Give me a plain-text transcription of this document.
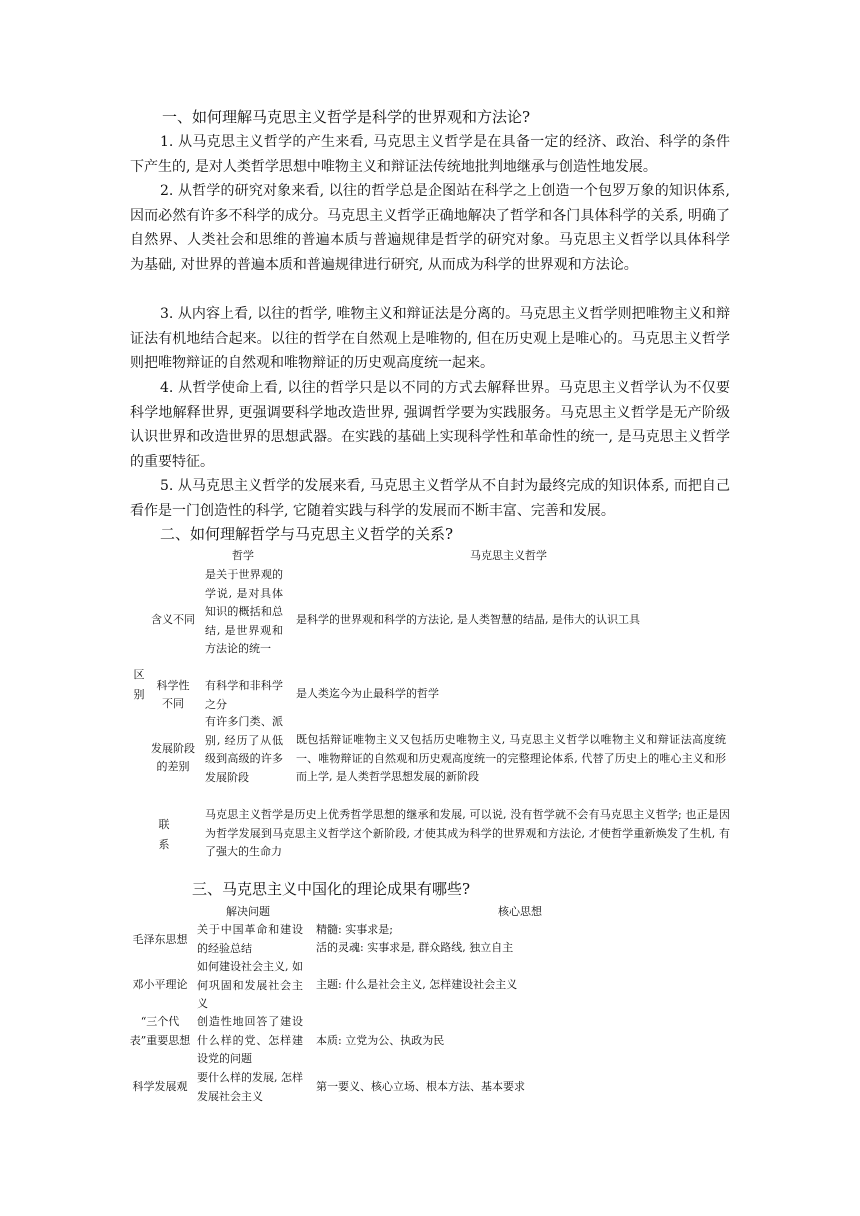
一、如何理解马克思主义哲学是科学的世界观和方法论?

1. 从马克思主义哲学的产生来看, 马克思主义哲学是在具备一定的经济、政治、科学的条件下产生的, 是对人类哲学思想中唯物主义和辩证法传统地批判地继承与创造性地发展。

2. 从哲学的研究对象来看, 以往的哲学总是企图站在科学之上创造一个包罗万象的知识体系, 因而必然有许多不科学的成分。马克思主义哲学正确地解决了哲学和各门具体科学的关系, 明确了自然界、人类社会和思维的普遍本质与普遍规律是哲学的研究对象。马克思主义哲学以具体科学为基础, 对世界的普遍本质和普遍规律进行研究, 从而成为科学的世界观和方法论。

3. 从内容上看, 以往的哲学, 唯物主义和辩证法是分离的。马克思主义哲学则把唯物主义和辩证法有机地结合起来。以往的哲学在自然观上是唯物的, 但在历史观上是唯心的。马克思主义哲学则把唯物辩证的自然观和唯物辩证的历史观高度统一起来。

4. 从哲学使命上看, 以往的哲学只是以不同的方式去解释世界。马克思主义哲学认为不仅要科学地解释世界, 更强调要科学地改造世界, 强调哲学要为实践服务。马克思主义哲学是无产阶级认识世界和改造世界的思想武器。在实践的基础上实现科学性和革命性的统一, 是马克思主义哲学的重要特征。

5. 从马克思主义哲学的发展来看, 马克思主义哲学从不自封为最终完成的知识体系, 而把自己看作是一门创造性的科学, 它随着实践与科学的发展而不断丰富、完善和发展。

二、如何理解哲学与马克思主义哲学的关系?
哲学	马克思主义哲学
区别
含义不同
是关于世界观的学说, 是对具体知识的概括和总结, 是世界观和方法论的统一
是科学的世界观和科学的方法论, 是人类智慧的结晶, 是伟大的认识工具
科学性不同
有科学和非科学之分
是人类迄今为止最科学的哲学
发展阶段的差别
有许多门类、派别, 经历了从低级到高级的许多发展阶段
既包括辩证唯物主义又包括历史唯物主义, 马克思主义哲学以唯物主义和辩证法高度统一、唯物辩证的自然观和历史观高度统一的完整理论体系, 代替了历史上的唯心主义和形而上学, 是人类哲学思想发展的新阶段
联系
马克思主义哲学是历史上优秀哲学思想的继承和发展, 可以说, 没有哲学就不会有马克思主义哲学; 也正是因为哲学发展到马克思主义哲学这个新阶段, 才使其成为科学的世界观和方法论, 才使哲学重新焕发了生机, 有了强大的生命力
三、马克思主义中国化的理论成果有哪些?
解决问题	核心思想
毛泽东思想
关于中国革命和建设的经验总结
精髓: 实事求是;
活的灵魂: 实事求是, 群众路线, 独立自主
邓小平理论
如何建设社会主义, 如何巩固和发展社会主义
主题: 什么是社会主义, 怎样建设社会主义
“三个代表”重要思想
创造性地回答了建设什么样的党、怎样建设党的问题
本质: 立党为公、执政为民
科学发展观
要什么样的发展, 怎样发展社会主义
第一要义、核心立场、根本方法、基本要求
